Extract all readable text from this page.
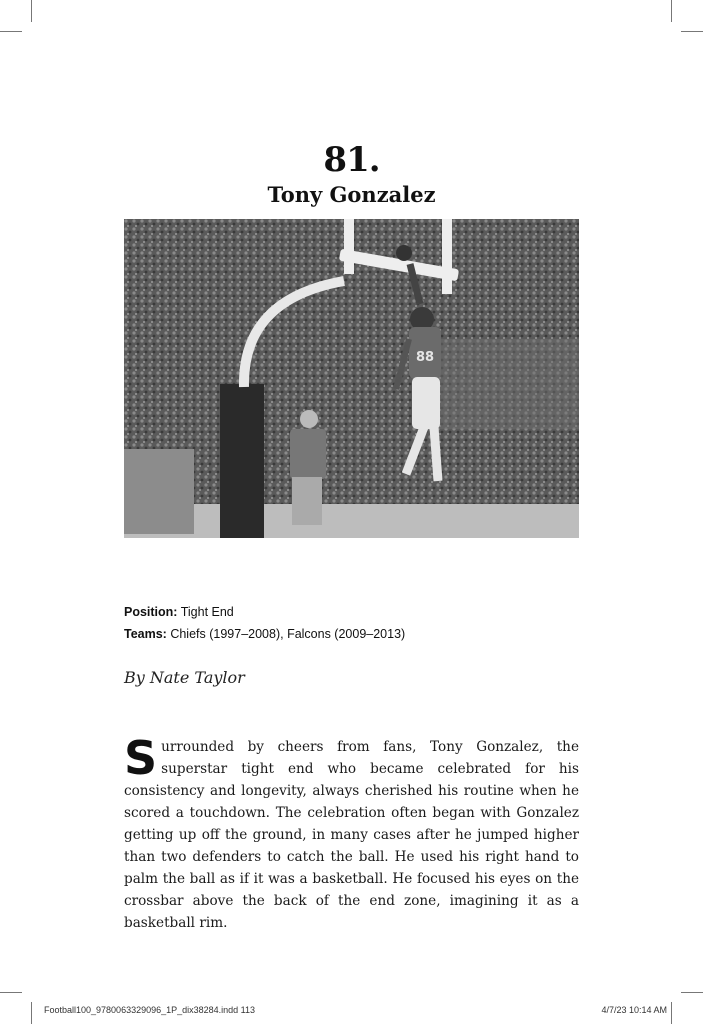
81.
Tony Gonzalez
88
Position: Tight End
Teams: Chiefs (1997–2008), Falcons (2009–2013)
By Nate Taylor

Surrounded by cheers from fans, Tony Gonzalez, the superstar tight end who became celebrated for his consistency and longevity, always cherished his routine when he scored a touchdown. The celebration often began with Gonzalez getting up off the ground, in many cases after he jumped higher than two defenders to catch the ball. He used his right hand to palm the ball as if it was a basketball. He focused his eyes on the crossbar above the back of the end zone, imagining it as a basketball rim.

Football100_9780063329096_1P_dix38284.indd 113	4/7/23 10:14 AM
